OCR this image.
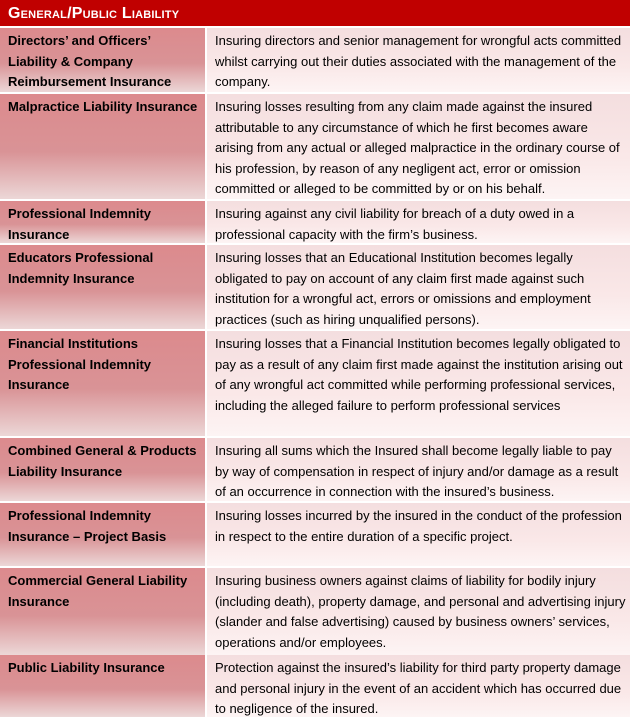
General/Public Liability
Directors’ and Officers’ Liability & Company Reimbursement Insurance
Insuring directors and senior management for wrongful acts committed whilst carrying out their duties associated with the management of the company.
Malpractice Liability Insurance	Insuring losses resulting from any claim made against the insured attributable to any circumstance of which he first becomes aware arising from any actual or alleged malpractice in the ordinary course of his profession, by reason of any negligent act, error or omission committed or alleged to be committed by or on his behalf.
Professional Indemnity Insurance
Insuring against any civil liability for breach of a duty owed in a professional capacity with the firm’s business.
Educators Professional Indemnity Insurance
Insuring losses that an Educational Institution becomes legally obligated to pay on account of any claim first made against such institution for a wrongful act, errors or omissions and employment practices (such as hiring unqualified persons).
Financial Institutions Professional Indemnity Insurance
Insuring losses that a Financial Institution becomes legally obligated to pay as a result of any claim first made against the institution arising out of any wrongful act committed while performing professional services, including the alleged failure to perform professional services
Combined General & Products Liability Insurance
Insuring all sums which the Insured shall become legally liable to pay by way of compensation in respect of injury and/or damage as a result of an occurrence in connection with the insured’s business.
Professional Indemnity Insurance – Project Basis
Insuring losses incurred by the insured in the conduct of the profession in respect to the entire duration of a specific project.
Commercial General Liability Insurance
Insuring business owners against claims of liability for bodily injury (including death), property damage, and personal and advertising injury (slander and false advertising) caused by business owners’ services, operations and/or employees.
Public Liability Insurance	Protection against the insured’s liability for third party property damage and personal injury in the event of an accident which has occurred due to negligence of the insured.
